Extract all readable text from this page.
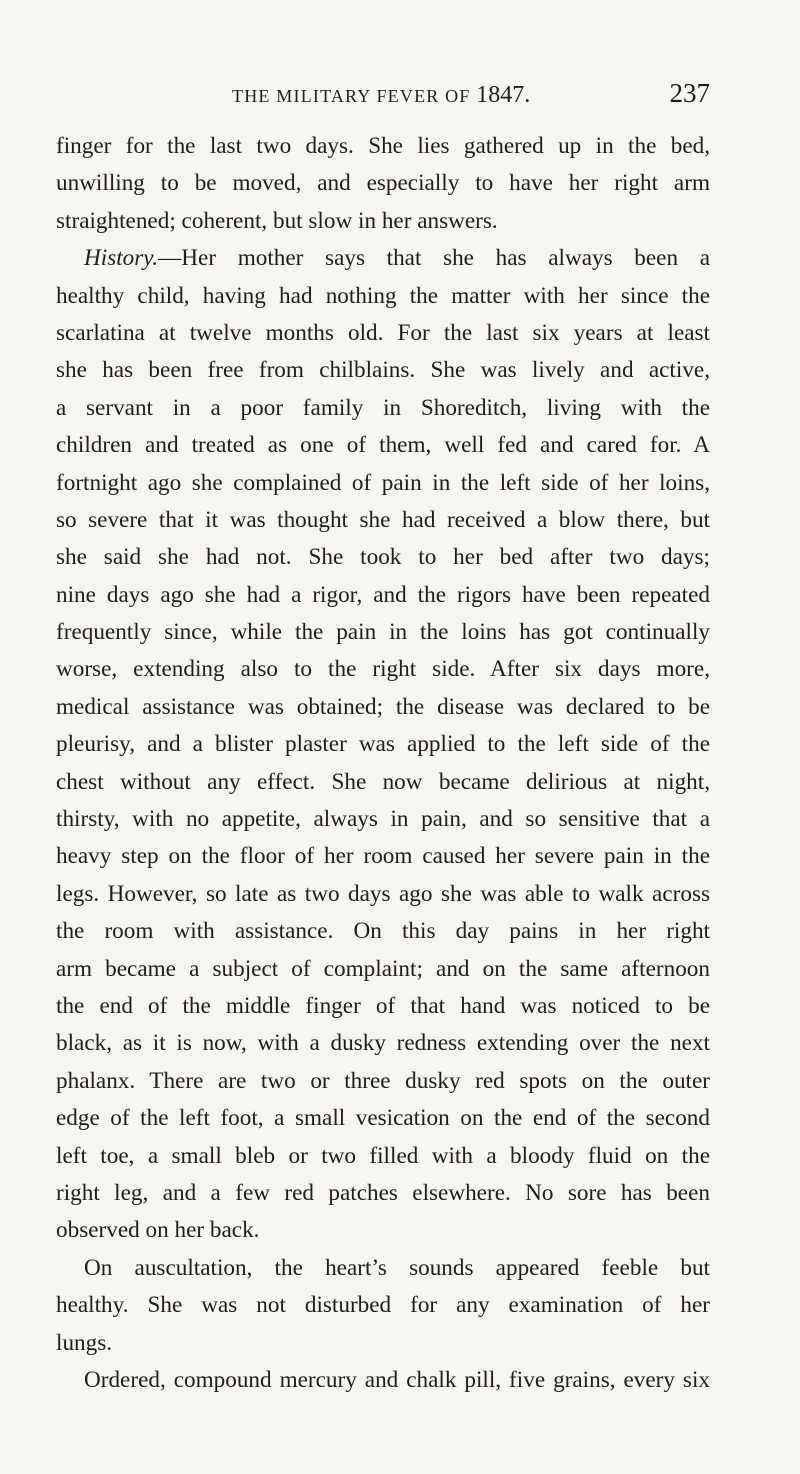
THE MILITARY FEVER OF 1847.	237
finger for the last two days. She lies gathered up in the bed,
unwilling to be moved, and especially to have her right arm
straightened; coherent, but slow in her answers.
History.—Her mother says that she has always been a
healthy child, having had nothing the matter with her since the
scarlatina at twelve months old. For the last six years at least
she has been free from chilblains. She was lively and active,
a servant in a poor family in Shoreditch, living with the
children and treated as one of them, well fed and cared for. A
fortnight ago she complained of pain in the left side of her loins,
so severe that it was thought she had received a blow there, but
she said she had not. She took to her bed after two days;
nine days ago she had a rigor, and the rigors have been repeated
frequently since, while the pain in the loins has got continually
worse, extending also to the right side. After six days more,
medical assistance was obtained; the disease was declared to be
pleurisy, and a blister plaster was applied to the left side of the
chest without any effect. She now became delirious at night,
thirsty, with no appetite, always in pain, and so sensitive that a
heavy step on the floor of her room caused her severe pain in the
legs. However, so late as two days ago she was able to walk across
the room with assistance. On this day pains in her right
arm became a subject of complaint; and on the same afternoon
the end of the middle finger of that hand was noticed to be
black, as it is now, with a dusky redness extending over the next
phalanx. There are two or three dusky red spots on the outer
edge of the left foot, a small vesication on the end of the second
left toe, a small bleb or two filled with a bloody fluid on the
right leg, and a few red patches elsewhere. No sore has been
observed on her back.
On auscultation, the heart’s sounds appeared feeble but
healthy. She was not disturbed for any examination of her
lungs.
Ordered, compound mercury and chalk pill, five grains, every six
